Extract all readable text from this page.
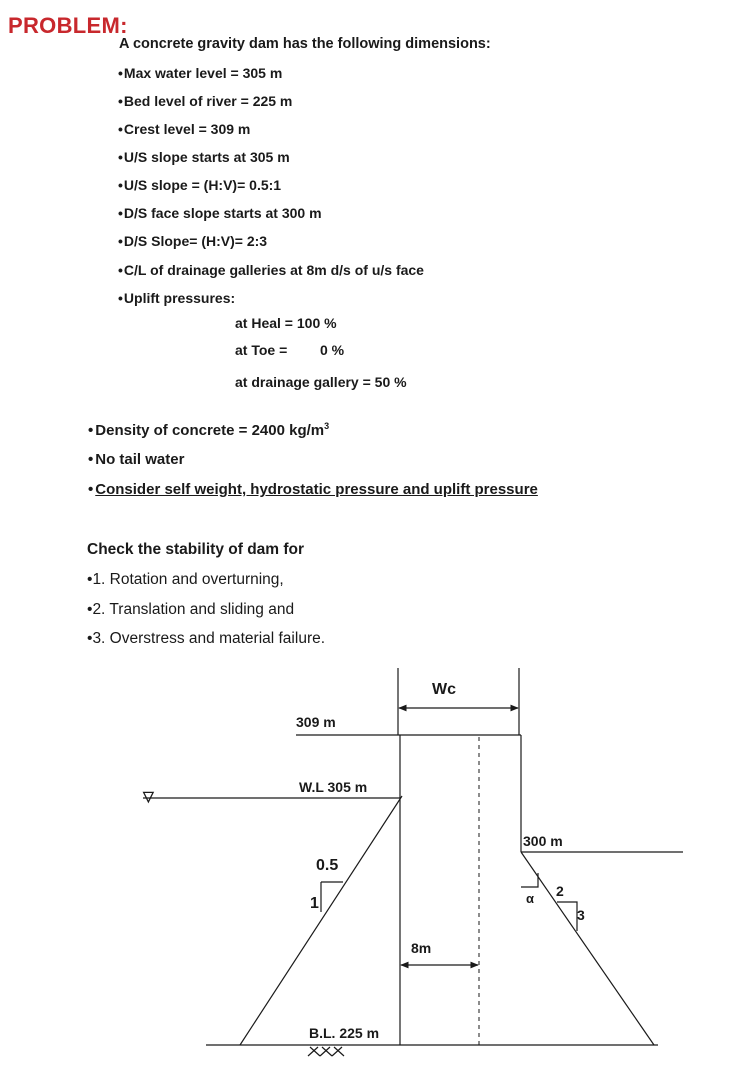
PROBLEM:
A concrete gravity dam has the following dimensions:
•Max water level = 305 m
•Bed level of river = 225 m
•Crest level = 309 m
•U/S slope starts at 305 m
•U/S slope = (H:V)= 0.5:1
•D/S face slope starts at 300 m
•D/S Slope= (H:V)= 2:3
•C/L of drainage galleries at 8m d/s of u/s face
•Uplift pressures:
at Heal = 100 %
at Toe = 0 %
at drainage gallery = 50 %
• Density of concrete = 2400 $kg/m^3$
• No tail water
• Consider self weight, hydrostatic pressure and uplift pressure
Check the stability of dam for
•1. Rotation and overturning,
•2. Translation and sliding and
•3. Overstress and material failure.
▽
Wc
309 m
W.L 305 m
300 m
0.5
1	α 2
3
8m
B.L. 225 m
